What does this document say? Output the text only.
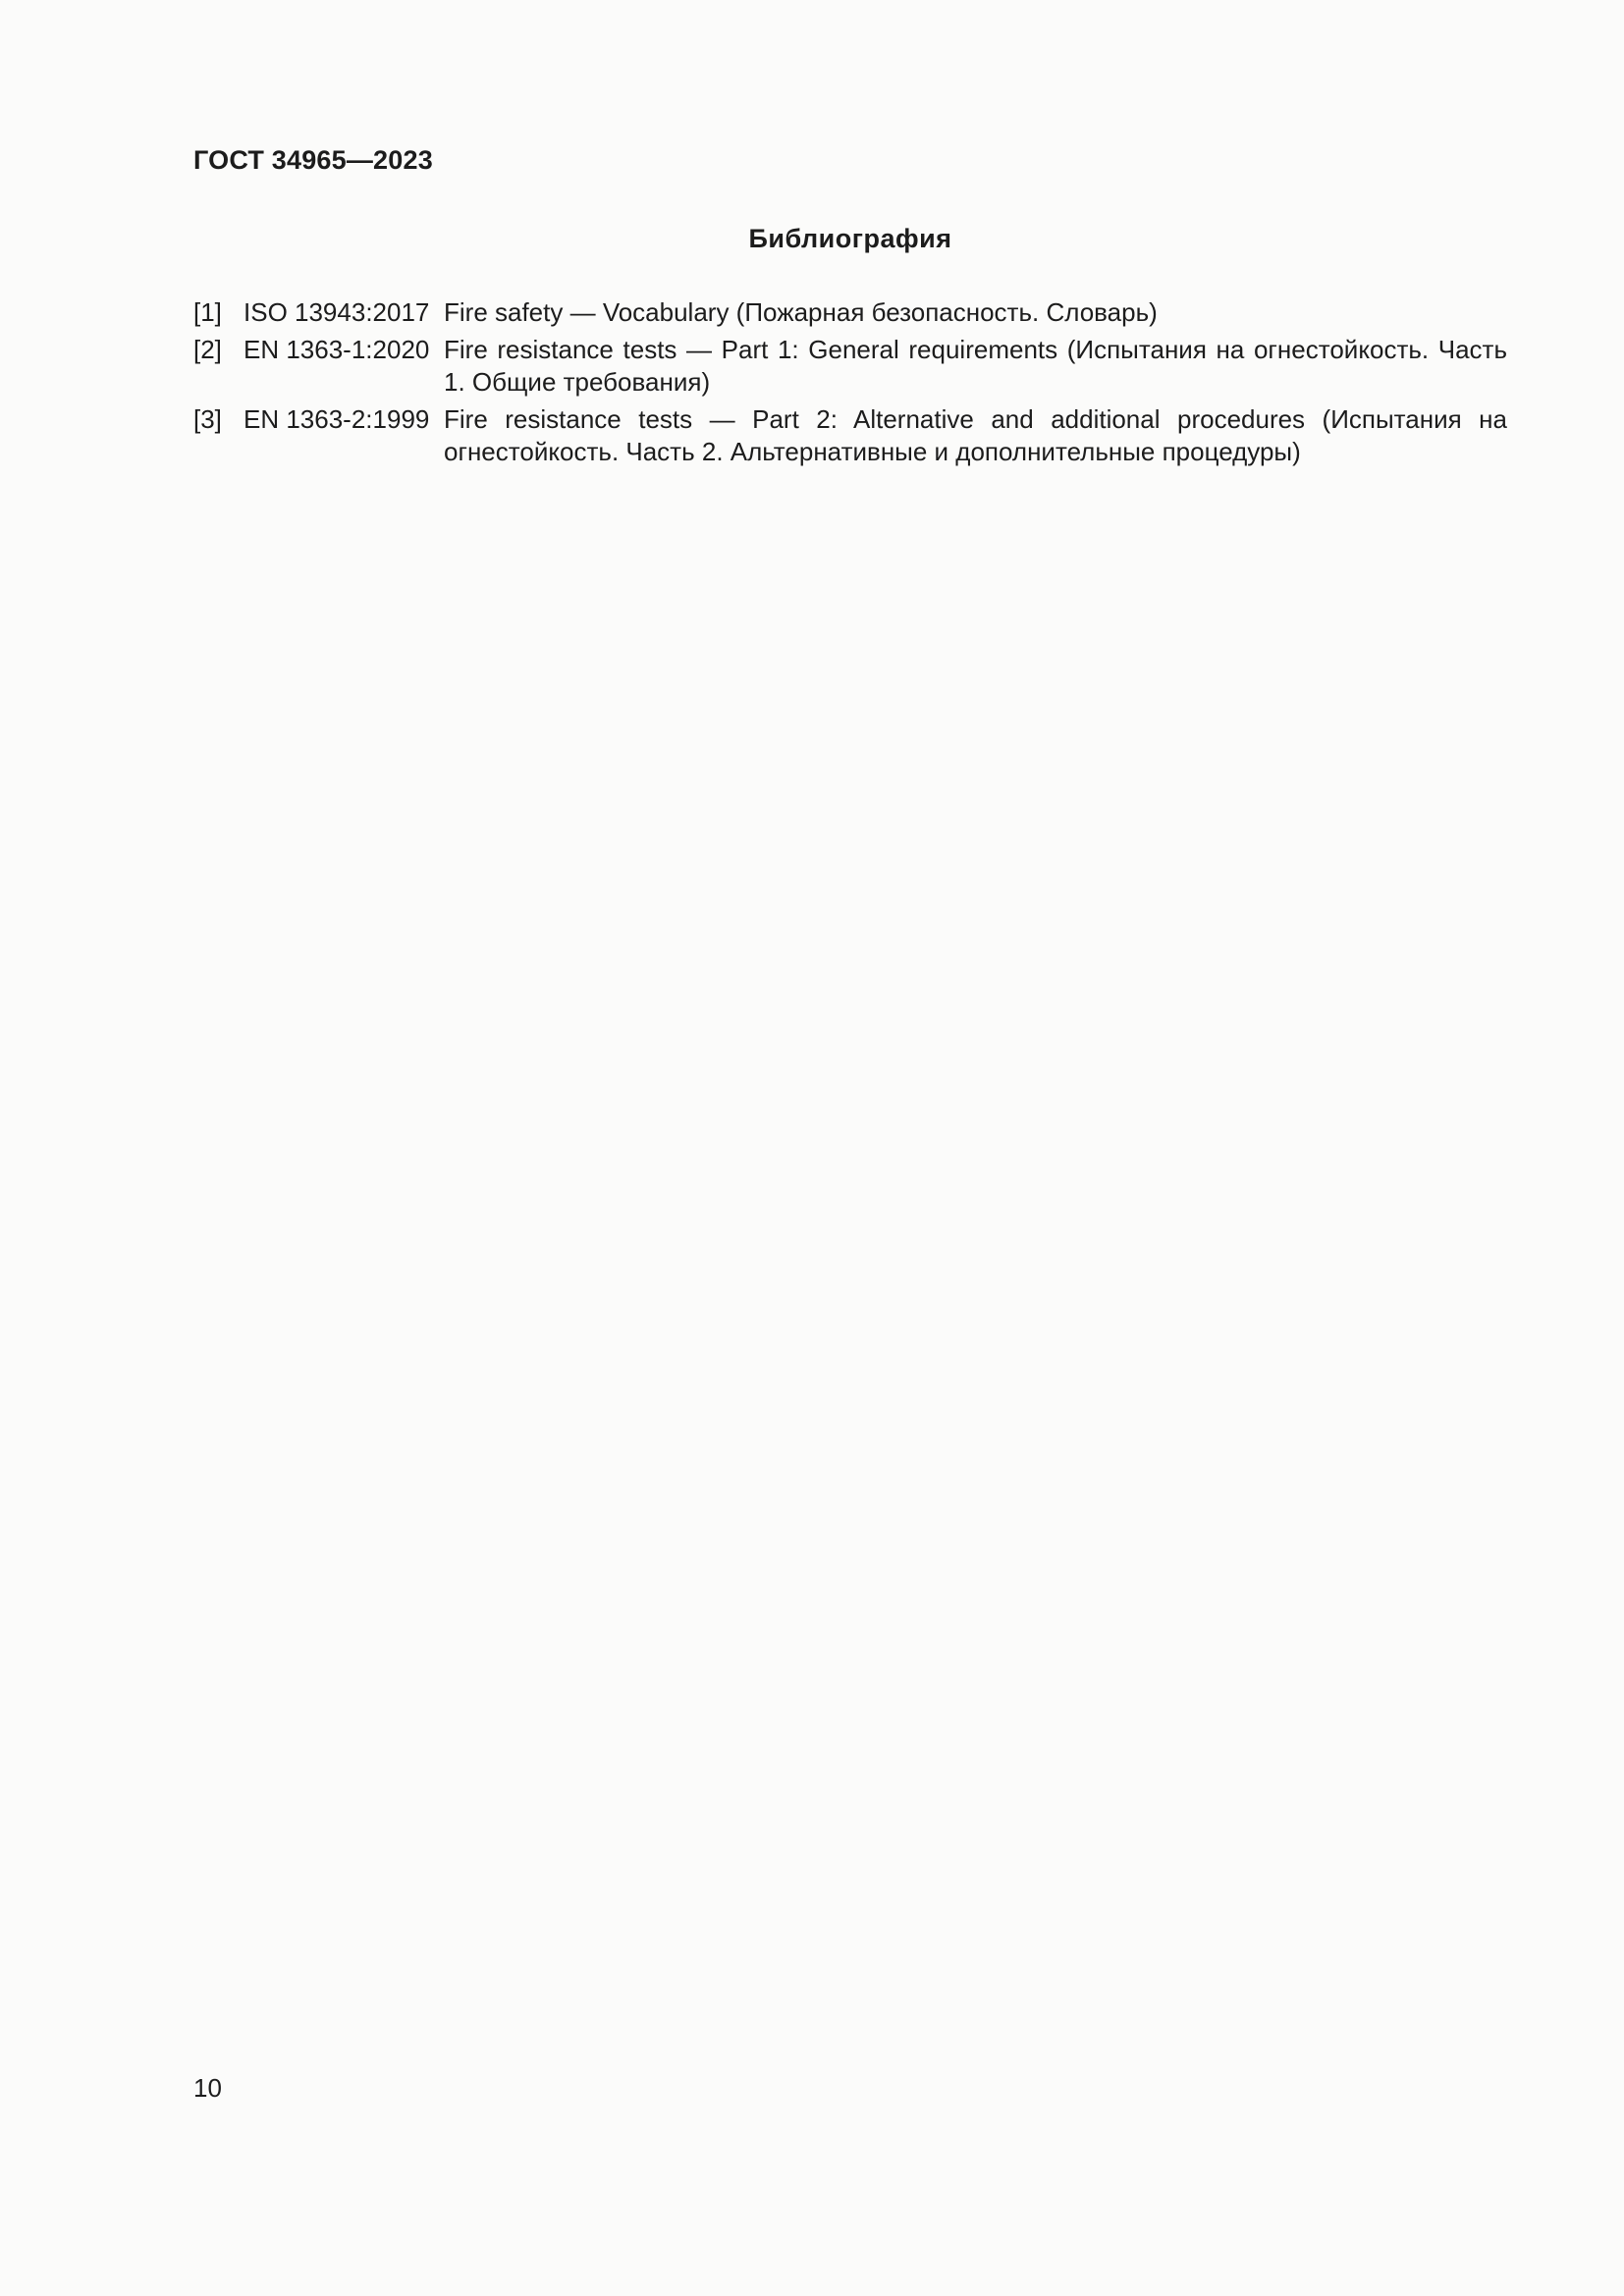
ГОСТ 34965—2023
Библиография
[1] ISO 13943:2017 Fire safety — Vocabulary (Пожарная безопасность. Словарь)
[2] EN 1363-1:2020 Fire resistance tests — Part 1: General requirements (Испытания на огнестойкость. Часть 1. Общие требования)
[3] EN 1363-2:1999 Fire resistance tests — Part 2: Alternative and additional procedures (Испытания на огнестойкость. Часть 2. Альтернативные и дополнительные процедуры)
10
